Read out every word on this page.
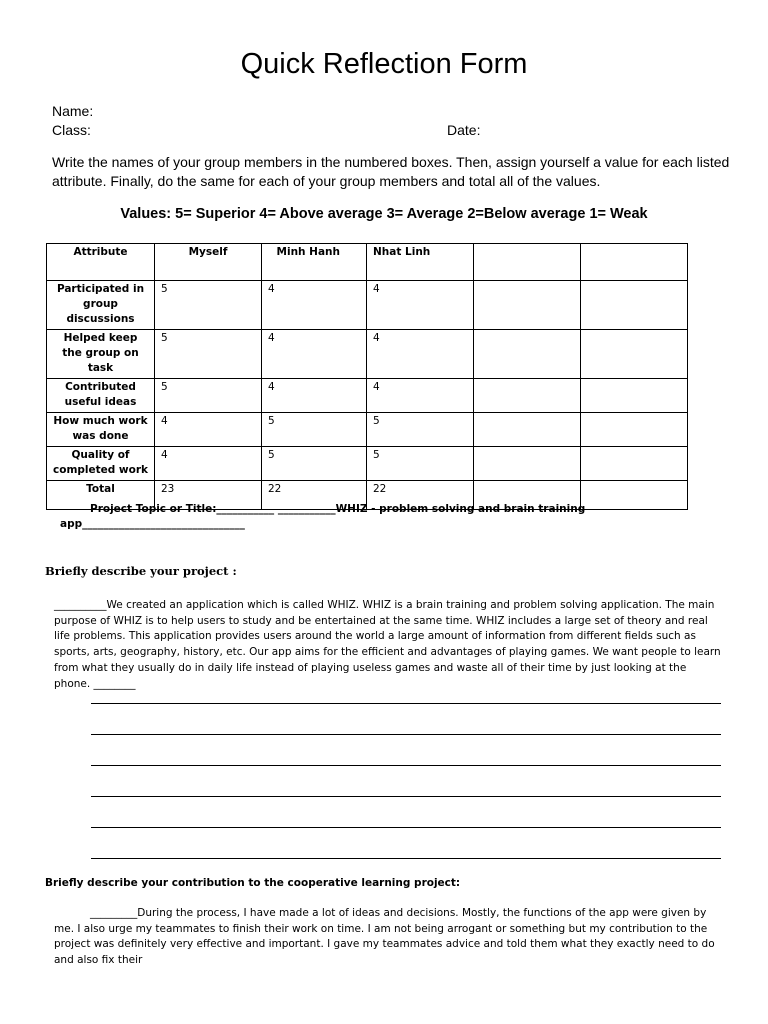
Quick Reflection Form
Name:
Class:	Date:
Write the names of your group members in the numbered boxes. Then, assign yourself a value for each listed attribute. Finally, do the same for each of your group members and total all of the values.
Values: 5= Superior 4= Above average 3= Average 2=Below average 1= Weak
Attribute	Myself	Minh Hanh	Nhat Linh		
Participated in group discussions	5	4	4		
Helped keep the group on task	5	4	4		
Contributed useful ideas	5	4	4		
How much work was done	4	5	5		
Quality of completed work	4	5	5		
Total	23	22	22		
Project Topic or Title:___________ ___________WHIZ - problem solving and brain training
app_______________________________
Briefly describe your project :
__________We created an application which is called WHIZ. WHIZ is a brain training and problem solving application. The main purpose of WHIZ is to help users to study and be entertained at the same time. WHIZ includes a large set of theory and real life problems. This application provides users around the world a large amount of information from different fields such as sports, arts, geography, history, etc. Our app aims for the efficient and advantages of playing games. We want people to learn from what they usually do in daily life instead of playing useless games and waste all of their time by just looking at the phone. ________
Briefly describe your contribution to the cooperative learning project:
_________During the process, I have made a lot of ideas and decisions. Mostly, the functions of the app were given by me. I also urge my teammates to finish their work on time. I am not being arrogant or something but my contribution to the project was definitely very effective and important. I gave my teammates advice and told them what they exactly need to do and also fix their
